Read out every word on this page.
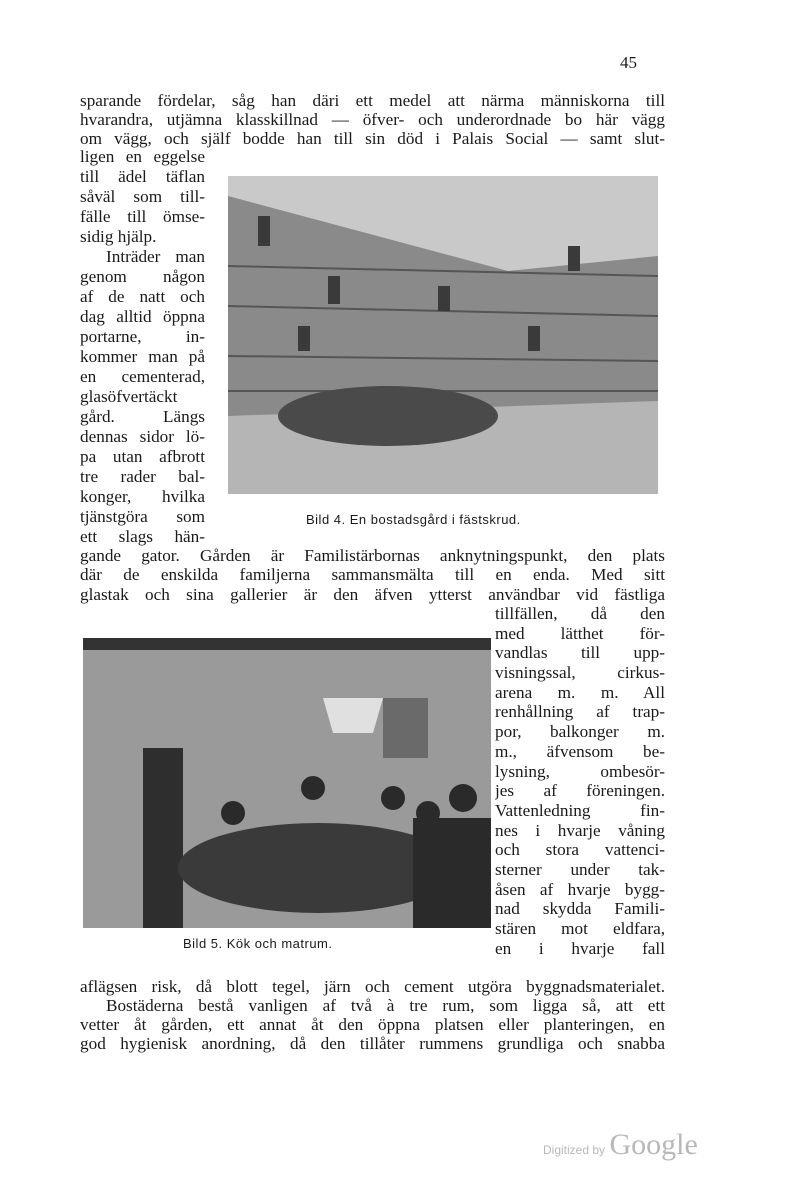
45
sparande fördelar, såg han däri ett medel att närma människorna till
hvarandra, utjämna klasskillnad — öfver- och underordnade bo här vägg
om vägg, och själf bodde han till sin död i Palais Social — samt slut-
ligen en eggelse
till ädel täflan
såväl som till-
fälle till ömse-
sidig hjälp.
Inträder man
genom någon
af de natt och
dag alltid öppna
portarne, in-
kommer man på
en cementerad,
glasöfvertäckt
gård. Längs
dennas sidor lö-
pa utan afbrott
tre rader bal-
konger, hvilka
tjänstgöra som
ett slags hän-
gande gator. Gården är Familistärbornas anknytningspunkt, den plats
där de enskilda familjerna sammansmälta till en enda. Med sitt
glastak och sina gallerier är den äfven ytterst användbar vid fästliga
tillfällen, då den
med lätthet för-
vandlas till upp-
visningssal, cirkus-
arena m. m. All
renhållning af trap-
por, balkonger m.
m., äfvensom be-
lysning, ombesör-
jes af föreningen.
Vattenledning fin-
nes i hvarje våning
och stora vattenci-
sterner under tak-
åsen af hvarje bygg-
nad skydda Famili-
stären mot eldfara,
en i hvarje fall
aflägsen risk, då blott tegel, järn och cement utgöra byggnadsmaterialet.
Bostäderna bestå vanligen af två à tre rum, som ligga så, att ett
vetter åt gården, ett annat åt den öppna platsen eller planteringen, en
god hygienisk anordning, då den tillåter rummens grundliga och snabba
Bild 4. En bostadsgård i fästskrud.
Bild 5. Kök och matrum.
Digitized by Google
